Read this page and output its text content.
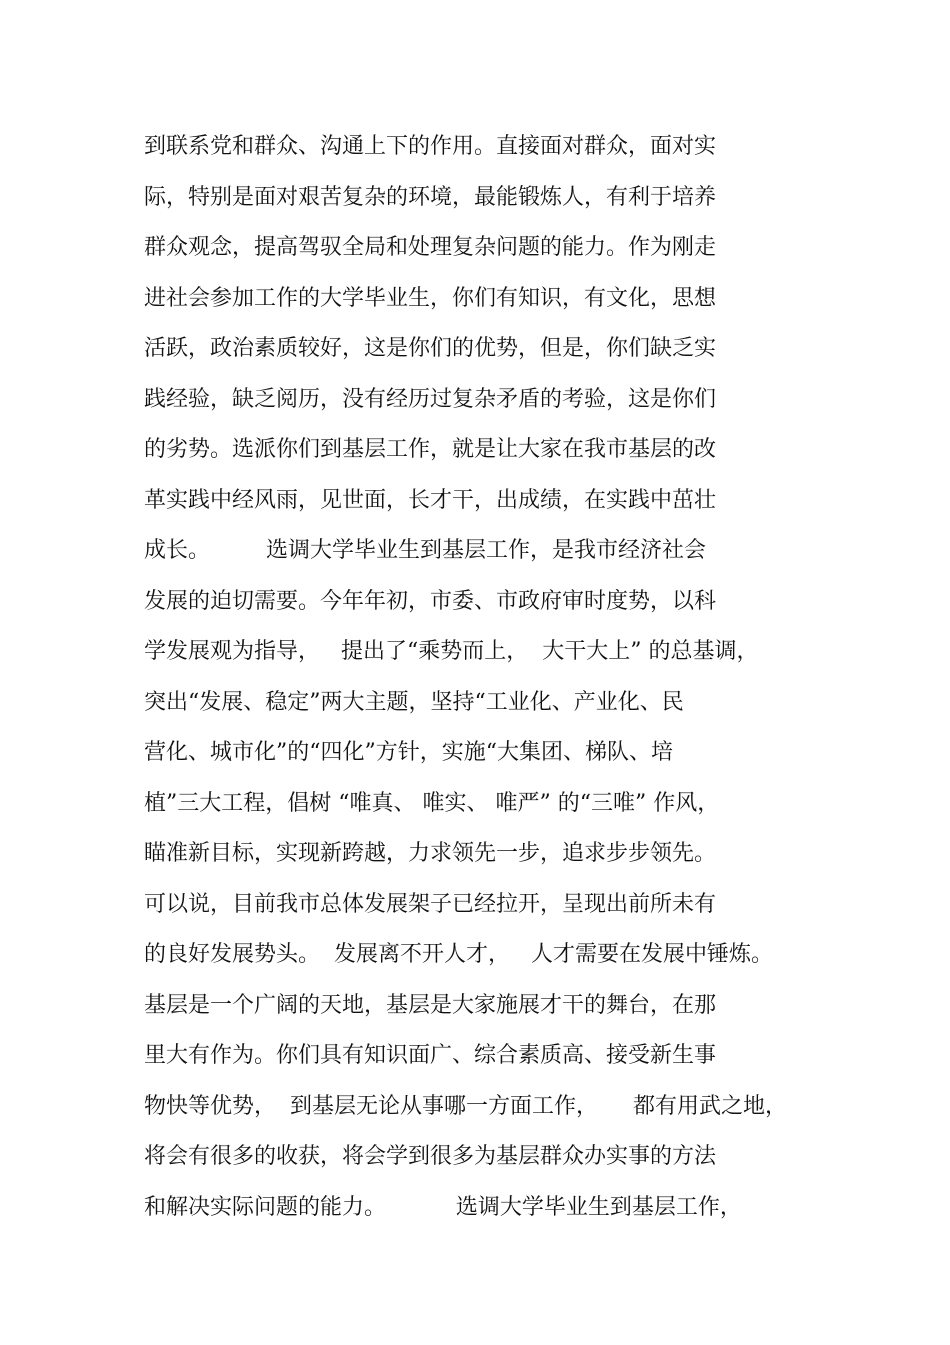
到联系党和群众、沟通上下的作用。直接面对群众，面对实
际，特别是面对艰苦复杂的环境，最能锻炼人，有利于培养
群众观念，提高驾驭全局和处理复杂问题的能力。作为刚走
进社会参加工作的大学毕业生，你们有知识，有文化，思想
活跃，政治素质较好，这是你们的优势，但是，你们缺乏实
践经验，缺乏阅历，没有经历过复杂矛盾的考验，这是你们
的劣势。选派你们到基层工作，就是让大家在我市基层的改
革实践中经风雨，见世面，长才干，出成绩，在实践中茁壮
成长。        选调大学毕业生到基层工作，是我市经济社会
发展的迫切需要。今年年初，市委、市政府审时度势，以科
学发展观为指导，   提出了“乘势而上，  大干大上” 的总基调，
突出“发展、稳定”两大主题，坚持“工业化、产业化、民
营化、城市化”的“四化”方针，实施“大集团、梯队、培
植”三大工程，倡树 “唯真、 唯实、 唯严” 的“三唯” 作风，
瞄准新目标，实现新跨越，力求领先一步，追求步步领先。
可以说，目前我市总体发展架子已经拉开，呈现出前所未有
的良好发展势头。  发展离不开人才，   人才需要在发展中锤炼。
基层是一个广阔的天地，基层是大家施展才干的舞台，在那
里大有作为。你们具有知识面广、综合素质高、接受新生事
物快等优势，  到基层无论从事哪一方面工作，     都有用武之地，
将会有很多的收获，将会学到很多为基层群众办实事的方法
和解决实际问题的能力。          选调大学毕业生到基层工作，
